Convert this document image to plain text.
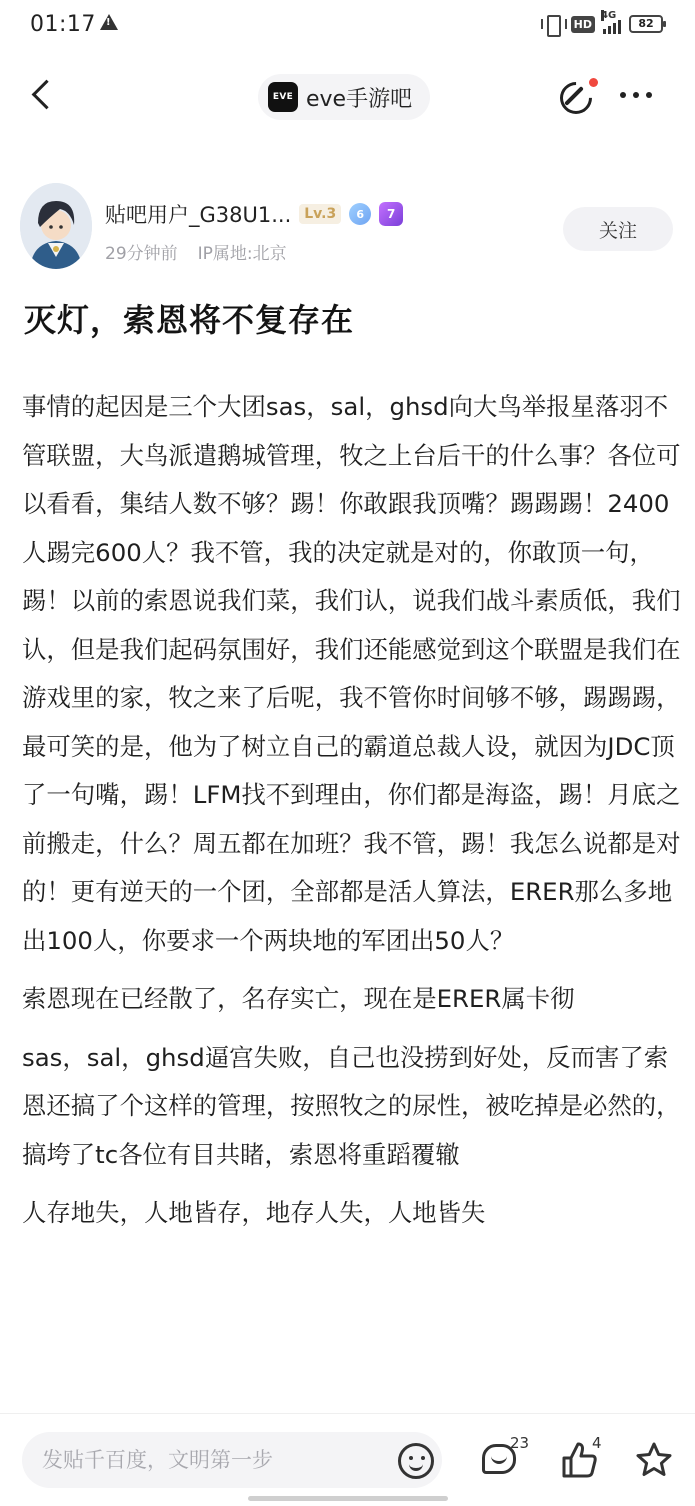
01:17
!	HD
4G
82
EVE eve手游吧
贴吧用户_G38U1... Lv.3	6	7
29分钟前 IP属地:北京
关注
灭灯，索恩将不复存在

事情的起因是三个大团sas，sal，ghsd向大鸟举报星落羽不管联盟，大鸟派遣鹅城管理，牧之上台后干的什么事？各位可以看看，集结人数不够？踢！你敢跟我顶嘴？踢踢踢！2400人踢完600人？我不管，我的决定就是对的，你敢顶一句，踢！以前的索恩说我们菜，我们认，说我们战斗素质低，我们认，但是我们起码氛围好，我们还能感觉到这个联盟是我们在游戏里的家，牧之来了后呢，我不管你时间够不够，踢踢踢，最可笑的是，他为了树立自己的霸道总裁人设，就因为JDC顶了一句嘴，踢！LFM找不到理由，你们都是海盗，踢！月底之前搬走，什么？周五都在加班？我不管，踢！我怎么说都是对的！更有逆天的一个团，全部都是活人算法，ERER那么多地出100人，你要求一个两块地的军团出50人？

索恩现在已经散了，名存实亡，现在是ERER属卡彻

sas，sal，ghsd逼宫失败，自己也没捞到好处，反而害了索恩还搞了个这样的管理，按照牧之的尿性，被吃掉是必然的，搞垮了tc各位有目共睹，索恩将重蹈覆辙

人存地失，人地皆存，地存人失，人地皆失

发贴千百度，文明第一步
23	4
